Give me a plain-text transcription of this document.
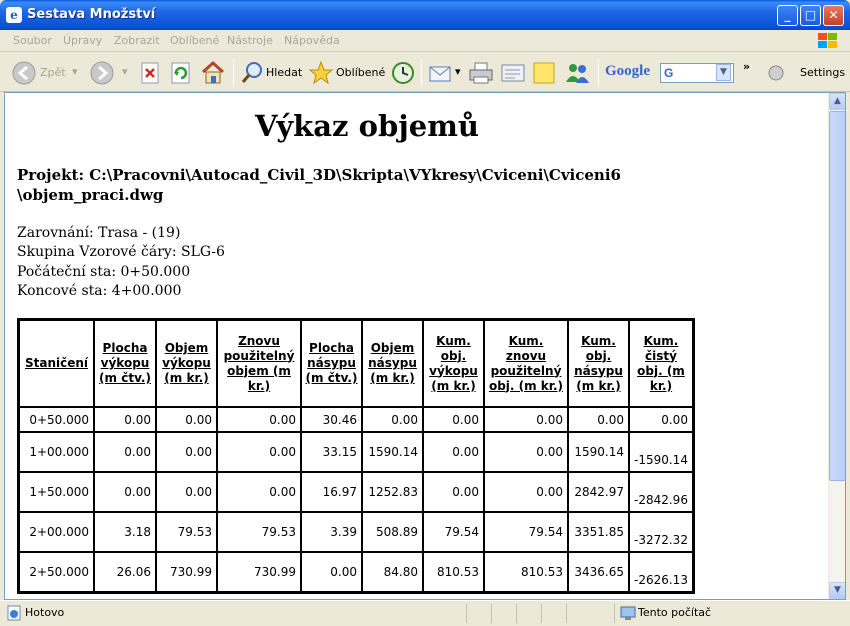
e Sestava Množství	_	□	✕
Soubor Úpravy Zobrazit Oblíbené Nástroje Nápověda
Zpět ▾	▾	Hledat	Oblíbené	▾	Google	Settings
»
G	▼
Výkaz objemů

Projekt: C:\Pracovni\Autocad_Civil_3D\Skripta\VYkresy\Cviceni\Cviceni6
\objem_praci.dwg

Zarovnání: Trasa - (19)
Skupina Vzorové čáry: SLG-6
Počáteční sta: 0+50.000
Koncové sta: 4+00.000
Staničení	Plocha výkopu (m čtv.)	Objem výkopu (m kr.)	Znovu použitelný objem (m kr.)	Plocha násypu (m čtv.)	Objem násypu (m kr.)	Kum. obj. výkopu (m kr.)	Kum. znovu použitelný obj. (m kr.)	Kum. obj. násypu (m kr.)	Kum. čistý obj. (m kr.)
0+50.000	0.00	0.00	0.00	30.46	0.00	0.00	0.00	0.00	0.00
1+00.000	0.00	0.00	0.00	33.15	1590.14	0.00	0.00	1590.14	-1590.14
1+50.000	0.00	0.00	0.00	16.97	1252.83	0.00	0.00	2842.97	-2842.96
2+00.000	3.18	79.53	79.53	3.39	508.89	79.54	79.54	3351.85	-3272.32
2+50.000	26.06	730.99	730.99	0.00	84.80	810.53	810.53	3436.65	-2626.13
▲
▼
Hotovo	Tento počítač
